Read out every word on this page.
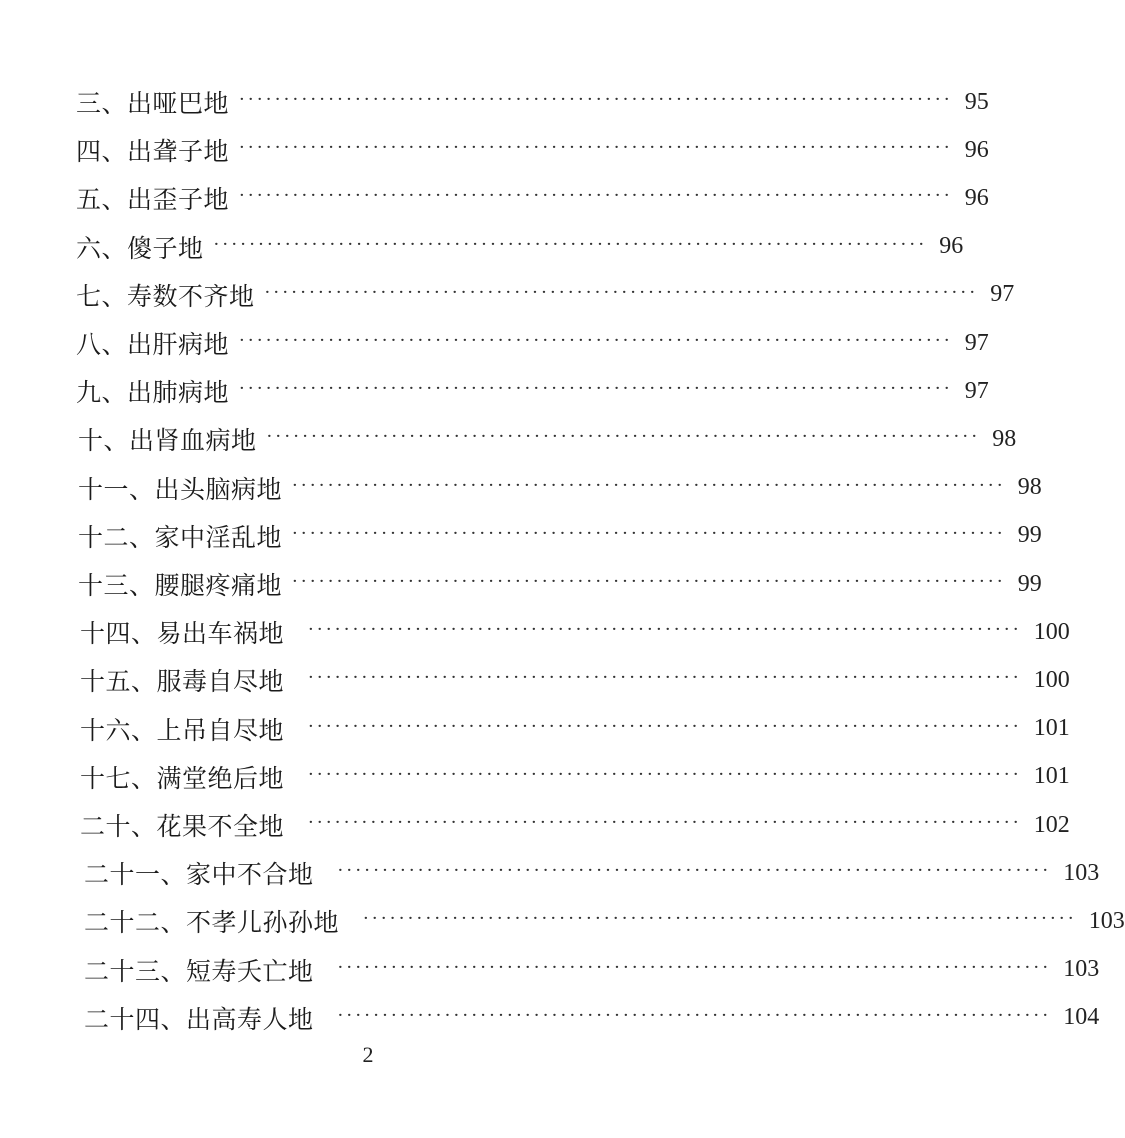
三、出哑巴地 ················································································ 95
四、出聋子地 ················································································ 96
五、出歪子地 ················································································ 96
六、傻子地 ················································································ 96
七、寿数不齐地 ················································································ 97
八、出肝病地 ················································································ 97
九、出肺病地 ················································································ 97
十、出肾血病地 ················································································ 98
十一、出头脑病地 ················································································ 98
十二、家中淫乱地 ················································································ 99
十三、腰腿疼痛地 ················································································ 99
十四、易出车祸地 ················································································ 100
十五、服毒自尽地 ················································································ 100
十六、上吊自尽地 ················································································ 101
十七、满堂绝后地 ················································································ 101
二十、花果不全地 ················································································ 102
二十一、家中不合地 ················································································ 103
二十二、不孝儿孙孙地 ················································································ 103
二十三、短寿夭亡地 ················································································ 103
二十四、出高寿人地 ················································································ 104
2
